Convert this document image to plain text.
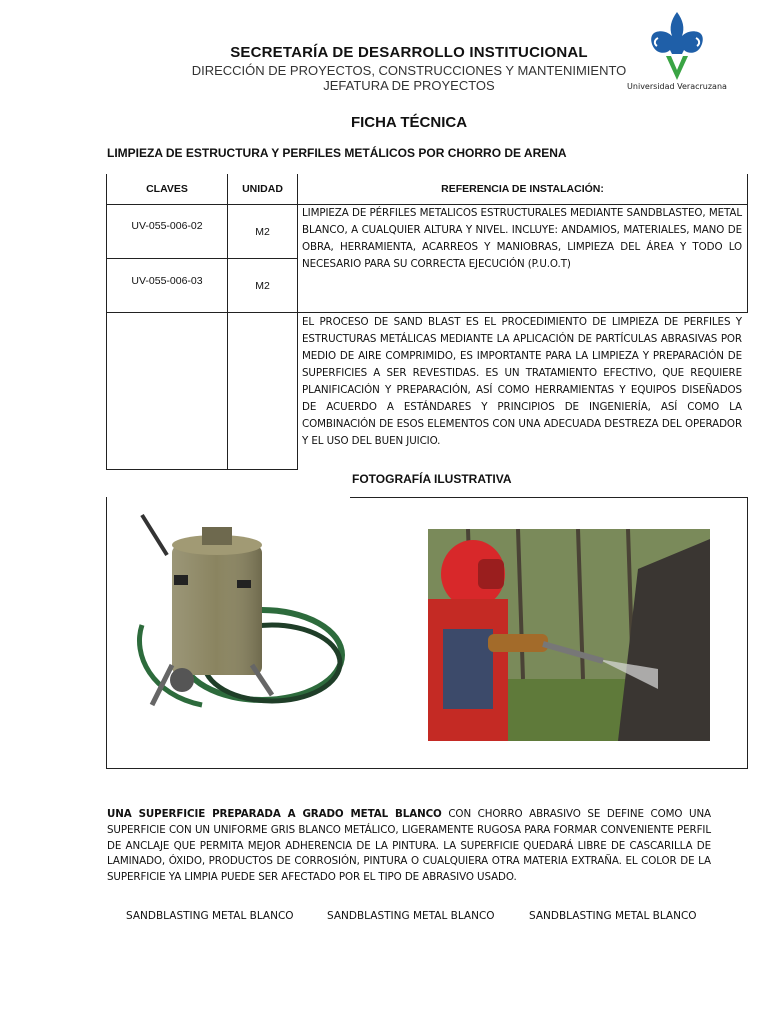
SECRETARÍA DE DESARROLLO INSTITUCIONAL
DIRECCIÓN DE PROYECTOS, CONSTRUCCIONES Y MANTENIMIENTO
JEFATURA DE PROYECTOS	Universidad Veracruzana
FICHA TÉCNICA
LIMPIEZA DE ESTRUCTURA Y PERFILES METÁLICOS POR CHORRO DE ARENA
CLAVES	UNIDAD	REFERENCIA DE INSTALACIÓN:
UV-055-006-02	M2
UV-055-006-03	M2
LIMPIEZA DE PÉRFILES METALICOS ESTRUCTURALES MEDIANTE SANDBLASTEO, METAL BLANCO, A CUALQUIER ALTURA Y NIVEL. INCLUYE: ANDAMIOS, MATERIALES, MANO DE OBRA, HERRAMIENTA, ACARREOS Y MANIOBRAS, LIMPIEZA DEL ÁREA Y TODO LO NECESARIO PARA SU CORRECTA EJECUCIÓN (P.U.O.T)
EL PROCESO DE SAND BLAST ES EL PROCEDIMIENTO DE LIMPIEZA DE PERFILES Y ESTRUCTURAS METÁLICAS MEDIANTE LA APLICACIÓN DE PARTÍCULAS ABRASIVAS POR MEDIO DE AIRE COMPRIMIDO, ES IMPORTANTE PARA LA LIMPIEZA Y PREPARACIÓN DE SUPERFICIES A SER REVESTIDAS. ES UN TRATAMIENTO EFECTIVO, QUE REQUIERE PLANIFICACIÓN Y PREPARACIÓN, ASÍ COMO HERRAMIENTAS Y EQUIPOS DISEÑADOS DE ACUERDO A ESTÁNDARES Y PRINCIPIOS DE INGENIERÍA, ASÍ COMO LA COMBINACIÓN DE ESOS ELEMENTOS CON UNA ADECUADA DESTREZA DEL OPERADOR Y EL USO DEL BUEN JUICIO.
FOTOGRAFÍA ILUSTRATIVA
UNA SUPERFICIE PREPARADA A GRADO METAL BLANCO CON CHORRO ABRASIVO SE DEFINE COMO UNA SUPERFICIE CON UN UNIFORME GRIS BLANCO METÁLICO, LIGERAMENTE RUGOSA PARA FORMAR CONVENIENTE PERFIL DE ANCLAJE QUE PERMITA MEJOR ADHERENCIA DE LA PINTURA. LA SUPERFICIE QUEDARÁ LIBRE DE CASCARILLA DE LAMINADO, ÓXIDO, PRODUCTOS DE CORROSIÓN, PINTURA O CUALQUIERA OTRA MATERIA EXTRAÑA. EL COLOR DE LA SUPERFICIE YA LIMPIA PUEDE SER AFECTADO POR EL TIPO DE ABRASIVO USADO.
SANDBLASTING METAL BLANCO	SANDBLASTING METAL BLANCO	SANDBLASTING METAL BLANCO
